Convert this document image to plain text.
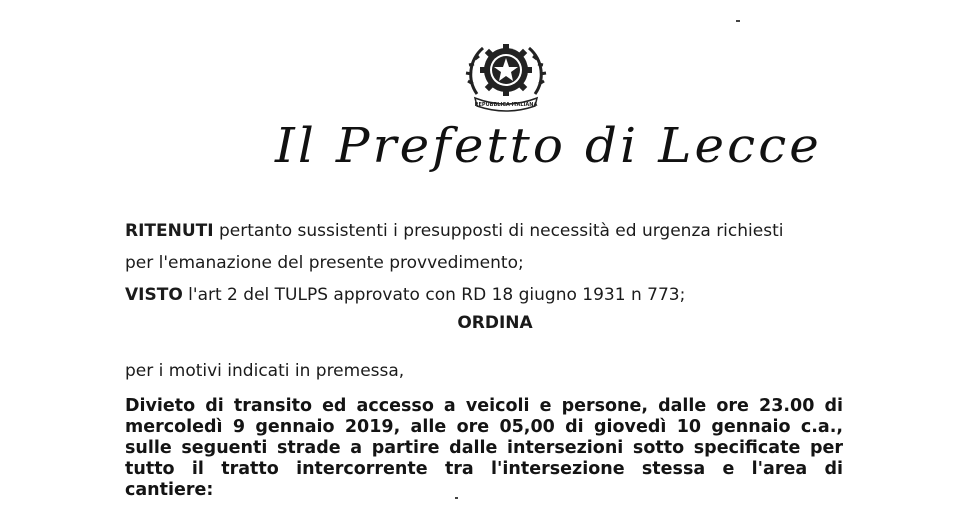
REPUBBLICA ITALIANA
Il Prefetto di Lecce
RITENUTI pertanto sussistenti i presupposti di necessità ed urgenza richiesti
per l'emanazione del presente provvedimento;
VISTO l'art 2 del TULPS approvato con RD 18 giugno 1931 n 773;
ORDINA
per i motivi indicati in premessa,
Divieto di transito ed accesso a veicoli e persone, dalle ore 23.00 di
mercoledì 9 gennaio 2019, alle ore 05,00 di giovedì 10 gennaio c.a.,
sulle seguenti strade a partire dalle intersezioni sotto specificate per
tutto il tratto intercorrente tra l'intersezione stessa e l'area di
cantiere:
